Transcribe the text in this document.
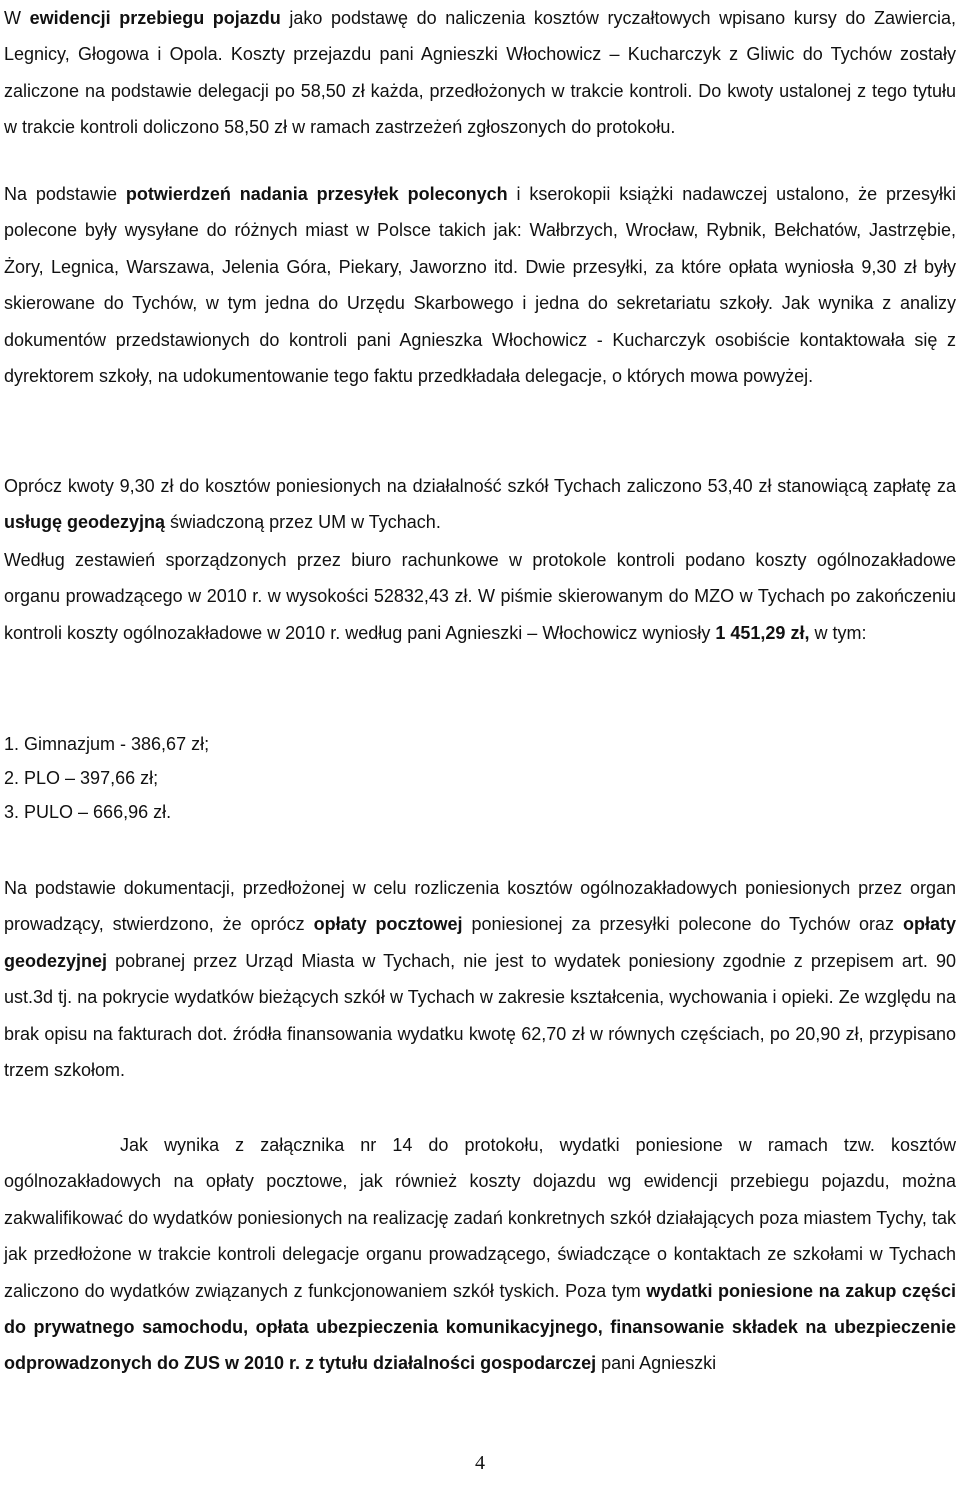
W ewidencji przebiegu pojazdu jako podstawę do naliczenia kosztów ryczałtowych wpisano kursy do Zawiercia, Legnicy, Głogowa i Opola. Koszty przejazdu pani Agnieszki Włochowicz – Kucharczyk z Gliwic do Tychów zostały zaliczone na podstawie delegacji po 58,50 zł każda, przedłożonych w trakcie kontroli. Do kwoty ustalonej z tego tytułu w trakcie kontroli doliczono 58,50 zł w ramach zastrzeżeń zgłoszonych do protokołu.
Na podstawie potwierdzeń nadania przesyłek poleconych i kserokopii książki nadawczej ustalono, że przesyłki polecone były wysyłane do różnych miast w Polsce takich jak: Wałbrzych, Wrocław, Rybnik, Bełchatów, Jastrzębie, Żory, Legnica, Warszawa, Jelenia Góra, Piekary, Jaworzno itd. Dwie przesyłki, za które opłata wyniosła 9,30 zł były skierowane do Tychów, w tym jedna do Urzędu Skarbowego i jedna do sekretariatu szkoły. Jak wynika z analizy dokumentów przedstawionych do kontroli pani Agnieszka Włochowicz - Kucharczyk osobiście kontaktowała się z dyrektorem szkoły, na udokumentowanie tego faktu przedkładała delegacje, o których mowa powyżej.
Oprócz kwoty 9,30 zł do kosztów poniesionych na działalność szkół Tychach zaliczono 53,40 zł stanowiącą zapłatę za usługę geodezyjną świadczoną przez UM w Tychach.
Według zestawień sporządzonych przez biuro rachunkowe w protokole kontroli podano koszty ogólnozakładowe organu prowadzącego w 2010 r. w wysokości 52832,43 zł. W piśmie skierowanym do MZO w Tychach po zakończeniu kontroli koszty ogólnozakładowe w 2010 r. według pani Agnieszki – Włochowicz wyniosły 1 451,29 zł, w tym:
1. Gimnazjum - 386,67 zł;
2. PLO – 397,66 zł;
3. PULO – 666,96 zł.
Na podstawie dokumentacji, przedłożonej w celu rozliczenia kosztów ogólnozakładowych poniesionych przez organ prowadzący, stwierdzono, że oprócz opłaty pocztowej poniesionej za przesyłki polecone do Tychów oraz opłaty geodezyjnej pobranej przez Urząd Miasta w Tychach, nie jest to wydatek poniesiony zgodnie z przepisem art. 90 ust.3d tj. na pokrycie wydatków bieżących szkół w Tychach w zakresie kształcenia, wychowania i opieki. Ze względu na brak opisu na fakturach dot. źródła finansowania wydatku kwotę 62,70 zł w równych częściach, po 20,90 zł, przypisano trzem szkołom.
Jak wynika z załącznika nr 14 do protokołu, wydatki poniesione w ramach tzw. kosztów ogólnozakładowych na opłaty pocztowe, jak również koszty dojazdu wg ewidencji przebiegu pojazdu, można zakwalifikować do wydatków poniesionych na realizację zadań konkretnych szkół działających poza miastem Tychy, tak jak przedłożone w trakcie kontroli delegacje organu prowadzącego, świadczące o kontaktach ze szkołami w Tychach zaliczono do wydatków związanych z funkcjonowaniem szkół tyskich. Poza tym wydatki poniesione na zakup części do prywatnego samochodu, opłata ubezpieczenia komunikacyjnego, finansowanie składek na ubezpieczenie odprowadzonych do ZUS w 2010 r. z tytułu działalności gospodarczej pani Agnieszki
4
